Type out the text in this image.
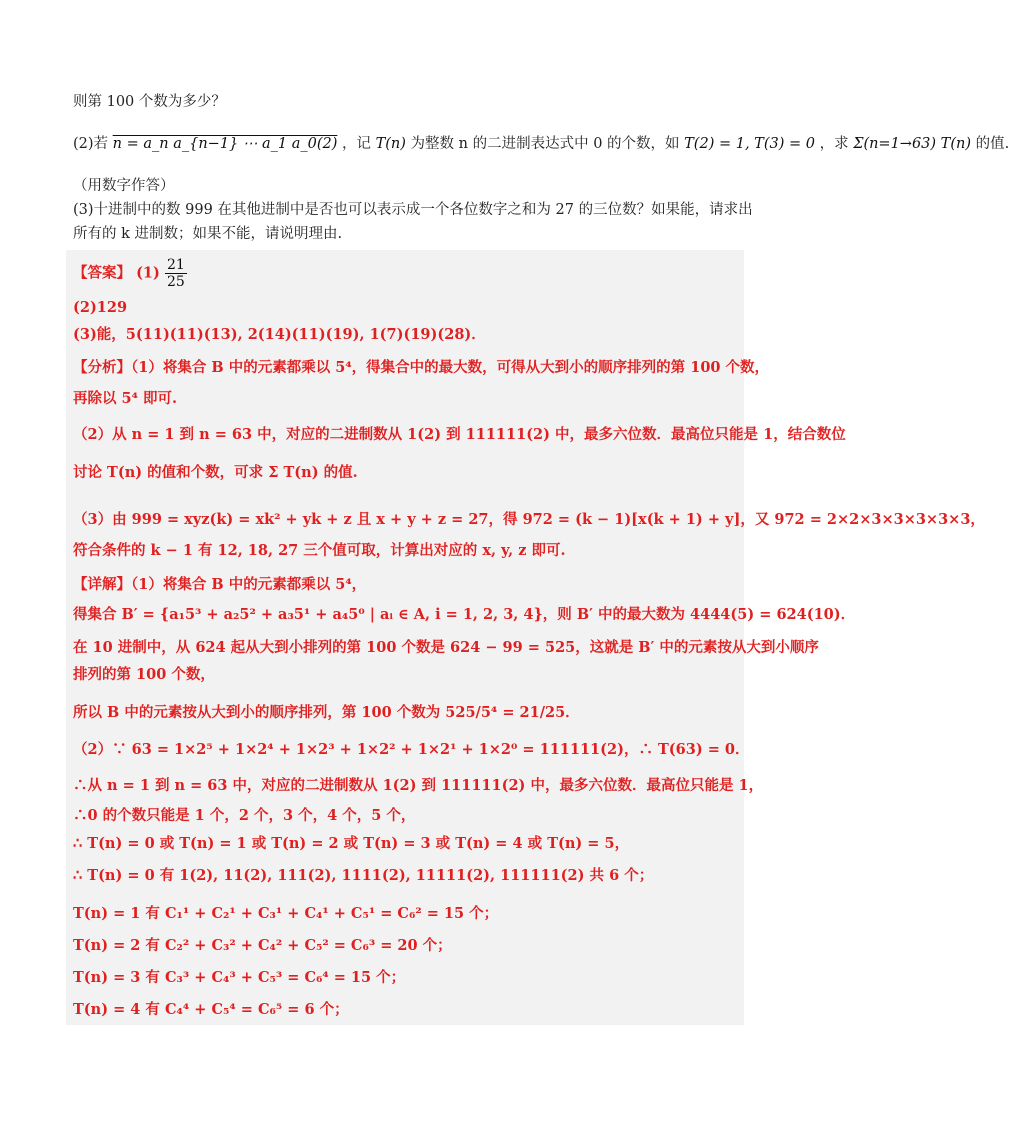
则第 100 个数为多少？
(2)若 n = a_n a_{n−1} ⋯ a_1 a_0(2) ，记 T(n) 为整数 n 的二进制表达式中 0 的个数，如 T(2) = 1, T(3) = 0 ，求 Σ(n=1→63) T(n) 的值.
（用数字作答）
(3)十进制中的数 999 在其他进制中是否也可以表示成一个各位数字之和为 27 的三位数？如果能，请求出
所有的 k 进制数；如果不能，请说明理由.
【答案】 $(1) \frac{21}{25}$
(2)129
(3)能，5(11)(11)(13), 2(14)(11)(19), 1(7)(19)(28)．
【分析】（1）将集合 B 中的元素都乘以 5⁴，得集合中的最大数，可得从大到小的顺序排列的第 100 个数，
再除以 5⁴ 即可.
（2）从 n = 1 到 n = 63 中，对应的二进制数从 1(2) 到 111111(2) 中，最多六位数．最高位只能是 1，结合数位
讨论 T(n) 的值和个数，可求 Σ T(n) 的值.
（3）由 999 = xyz(k) = xk² + yk + z 且 x + y + z = 27，得 972 = (k − 1)[x(k + 1) + y]，又 972 = 2×2×3×3×3×3×3，
符合条件的 k − 1 有 12, 18, 27 三个值可取，计算出对应的 x, y, z 即可.
【详解】（1）将集合 B 中的元素都乘以 5⁴，
得集合 B′ = {a₁5³ + a₂5² + a₃5¹ + a₄5⁰ | aᵢ ∈ A, i = 1, 2, 3, 4}，则 B′ 中的最大数为 4444(5) = 624(10)．
在 10 进制中，从 624 起从大到小排列的第 100 个数是 624 − 99 = 525，这就是 B′ 中的元素按从大到小顺序
排列的第 100 个数，
所以 B 中的元素按从大到小的顺序排列，第 100 个数为 525/5⁴ = 21/25．
（2）∵ 63 = 1×2⁵ + 1×2⁴ + 1×2³ + 1×2² + 1×2¹ + 1×2⁰ = 111111(2)，∴ T(63) = 0．
∴从 n = 1 到 n = 63 中，对应的二进制数从 1(2) 到 111111(2) 中，最多六位数．最高位只能是 1，
∴0 的个数只能是 1 个，2 个，3 个，4 个，5 个，
∴ T(n) = 0 或 T(n) = 1 或 T(n) = 2 或 T(n) = 3 或 T(n) = 4 或 T(n) = 5，
∴ T(n) = 0 有 1(2), 11(2), 111(2), 1111(2), 11111(2), 111111(2) 共 6 个；
T(n) = 1 有 C₁¹ + C₂¹ + C₃¹ + C₄¹ + C₅¹ = C₆² = 15 个；
T(n) = 2 有 C₂² + C₃² + C₄² + C₅² = C₆³ = 20 个；
T(n) = 3 有 C₃³ + C₄³ + C₅³ = C₆⁴ = 15 个；
T(n) = 4 有 C₄⁴ + C₅⁴ = C₆⁵ = 6 个；
